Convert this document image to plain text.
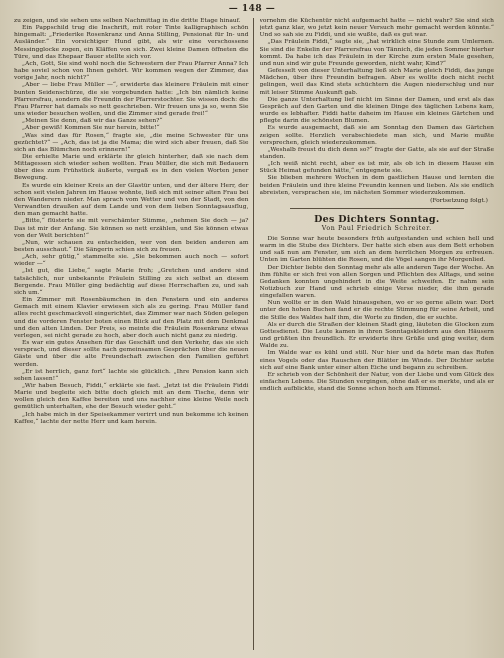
— 148 —

zu zeigen, und sie sehen uns selben Nachmittag in die dritte Etage hinauf.

Ein Pappschild trug die Inschrift, mit roter Tinte kalligraphisch schön hingemalt: „Friederike Rosenkranz und Anna Stilling, Pensionat für In- und Ausländer.“ Ein vorsichtiger Hund gibt, als wir eine verschossene Messingglocke zogen, ein Kläffen von sich. Zwei kleine Damen öffneten die Türe, und das Ehepaar Bauer stellte sich vor.

„Ach, Gott, Sie sind wohl noch die Schwestern der Frau Pfarrer Anna? Ich habe soviel schon von Ihnen gehört. Wir kommen wegen der Zimmer, das vorige Jahr, noch nicht?“

„Aber — liebe Frau Müller —“, erwiderte das kleinere Fräulein mit einer bunten Seidenschürze, die sie vorgebunden hatte: „Ich bin nämlich keine Pfarrersfrau, sondern die Freundin der Pfarrerstochter. Sie wissen doch: die Frau Pfarrer hat damals so nett geschrieben. Wir freuen uns ja so, wenn Sie uns wieder besuchen wollen, und die Zimmer sind gerade frei!“

„Meinen Sie denn, daß wir das Ganze sehen?“

„Aber gewiß! Kommen Sie nur herein, bitte!“

„Was sind das für Rosen,“ fragte sie, „die meine Schwester für uns gezüchtet?“ — „Ach, das ist ja die Mama; die wird sich aber freuen, daß Sie sich an das Blümchen noch erinnern!“

Die erhielte Marie und erklärte ihr gleich hinterher, daß sie nach dem Mittagessen sich wieder sehen wollten. Frau Müller, die sich mit Bedauern über dies zum Frühstück äußerte, vergaß es in den vielen Worten jener Bewegung.

Es wurde ein kleiner Kreis an der Glastür unten, und der ältere Herr, der schon seit vielen Jahren im Hause wohnte, ließ sich mit seiner alten Frau bei den Wanderern nieder. Man sprach vom Wetter und von der Stadt, von den Verwandten draußen auf dem Lande und von dem lieben Sonntagsausflug, den man gemacht hatte.

„Bitte,“ flüsterte sie mit verschämter Stimme, „nehmen Sie doch — ja? Das ist mir der Anfang. Sie können so nett erzählen, und Sie können etwas von der Welt berichten!“

„Nun, wir schauen zu entscheiden, wer von den beiden anderen am besten ausschaut.“ Die Sängerin schien sich zu freuen.

„Ach, sehr gütig,“ stammelte sie. „Sie bekommen auch noch — sofort wieder —“

„Ist gut, die Liebe,“ sagte Marie froh; „Gretchen und andere sind tatsächlich, nur unbekannte Fräulein Stilling zu sich selbst an diesem Bergende. Frau Müller ging bedächtig auf diese Herrschaften zu, und sah sich um.“

Ein Zimmer mit Rosenbäumchen in den Fenstern und ein anderes Gemach mit einem Klavier erwiesen sich als zu gering. Frau Müller fand alles recht geschmackvoll eingerichtet, das Zimmer war nach Süden gelegen und die vorderen Fenster boten einen Blick auf den Platz mit dem Denkmal und den alten Linden. Der Preis, so meinte die Fräulein Rosenkranz etwas verlegen, sei nicht gerade zu hoch, aber doch auch nicht ganz zu niedrig.

Es war ein gutes Ansehen für das Geschäft und den Verkehr, das sie sich versprach, und dieser sollte nach gemeinsamen Gesprächen über die neuen Gäste und über die alte Freundschaft zwischen den Familien geführt werden.

„Er ist herrlich, ganz fort“ lachte sie glücklich. „Ihre Pension kann sich sehen lassen!“

„Wir haben Besuch, Fiddi,“ erklärte sie fast. „Jetzt ist die Fräulein Fiddi Marie und begleite sich bitte doch gleich mit an dem Tische, denn wir wollen gleich den Kaffee bereiten und uns nachher eine kleine Weile noch gemütlich unterhalten, ehe der Besuch wieder geht.“

„Ich habe mich in der Speisekammer verirrt und nun bekomme ich keinen Kaffee,“ lachte der nette Herr und kam herein.

vornehm die Küchentür nicht aufgemacht hatte — nicht wahr? Sie sind sich jetzt ganz klar, wo jetzt kein neuer Versuch mehr gemacht werden könnte.“ Und so sah sie zu Fiddi, und sie wußte, daß es gut war.

„Das Fräulein Fiddi,“ sagte sie, „hat wirklich eine Stunde zum Umlernen. Sie sind die Enkelin der Pfarrersfrau von Tännich, die jeden Sommer hierher kommt. Da habe ich das Fräulein in der Kirche zum ersten Male gesehen, und nun sind wir gute Freunde geworden, nicht wahr, Kind?“

Gefesselt von dieser Unterhaltung ließ sich Marie gleich Fiddi, das junge Mädchen, über ihre Freundin befragen. Aber es wollte doch nicht recht gelingen, weil das Kind stets schüchtern die Augen niederschlug und nur mit leiser Stimme Auskunft gab.

Die ganze Unterhaltung lief nicht im Sinne der Damen, und erst als das Gespräch auf den Garten und die kleinen Dinge des täglichen Lebens kam, wurde es lebhafter. Fiddi hatte daheim im Hause ein kleines Gärtchen und pflegte darin die schönsten Blumen.

Es wurde ausgemacht, daß sie am Sonntag den Damen das Gärtchen zeigen sollte. Herzlich verabschiedete man sich, und Marie mußte versprechen, gleich wiederzukommen.

„Weshalb freust du dich denn so?“ fragte der Gatte, als sie auf der Straße standen.

„Ich weiß nicht recht, aber es ist mir, als ob ich in diesem Hause ein Stück Heimat gefunden hätte,“ entgegnete sie.

Sie blieben mehrere Wochen in dem gastlichen Hause und lernten die beiden Fräulein und ihre kleine Freundin kennen und lieben. Als sie endlich abreisten, versprachen sie, im nächsten Sommer wiederzukommen.

(Fortsetzung folgt.)
Des Dichters Sonntag.
Von Paul Friedrich Schreiter.

Die Sonne war heute besonders früh aufgestanden und schien hell und warm in die Stube des Dichters. Der hatte sich eben aus dem Bett erhoben und saß nun am Fenster, um sich an dem herrlichen Morgen zu erfreuen. Unten im Garten blühten die Rosen, und die Vögel sangen ihr Morgenlied.

Der Dichter liebte den Sonntag mehr als alle anderen Tage der Woche. An ihm fühlte er sich frei von allen Sorgen und Pflichten des Alltags, und seine Gedanken konnten ungehindert in die Weite schweifen. Er nahm sein Notizbuch zur Hand und schrieb einige Verse nieder, die ihm gerade eingefallen waren.

Nun wollte er in den Wald hinausgehen, wo er so gerne allein war. Dort unter den hohen Buchen fand er die rechte Stimmung für seine Arbeit, und die Stille des Waldes half ihm, die Worte zu finden, die er suchte.

Als er durch die Straßen der kleinen Stadt ging, läuteten die Glocken zum Gottesdienst. Die Leute kamen in ihren Sonntagskleidern aus den Häusern und grüßten ihn freundlich. Er erwiderte ihre Grüße und ging weiter, dem Walde zu.

Im Walde war es kühl und still. Nur hier und da hörte man das Rufen eines Vogels oder das Rauschen der Blätter im Winde. Der Dichter setzte sich auf eine Bank unter einer alten Eiche und begann zu schreiben.

Er schrieb von der Schönheit der Natur, von der Liebe und vom Glück des einfachen Lebens. Die Stunden vergingen, ohne daß er es merkte, und als er endlich aufblickte, stand die Sonne schon hoch am Himmel.
